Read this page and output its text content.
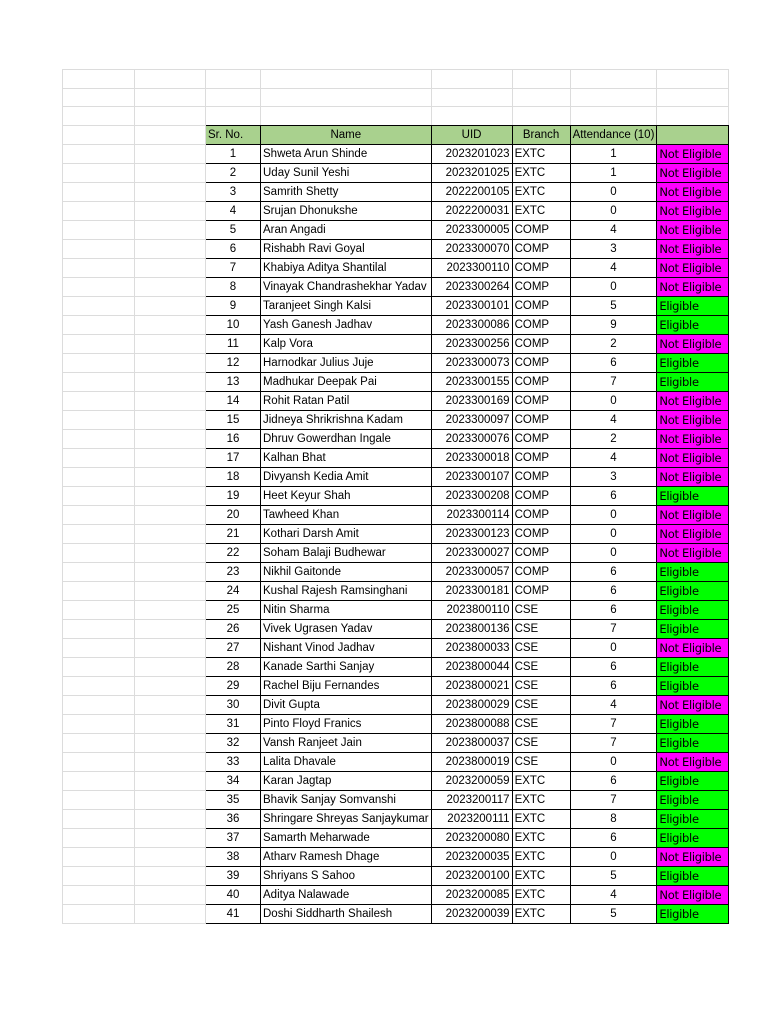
		Sr. No.	Name	UID	Branch	Attendance (10)	
		1	Shweta Arun Shinde	2023201023	EXTC	1	Not Eligible
		2	Uday Sunil Yeshi	2023201025	EXTC	1	Not Eligible
		3	Samrith Shetty	2022200105	EXTC	0	Not Eligible
		4	Srujan Dhonukshe	2022200031	EXTC	0	Not Eligible
		5	Aran Angadi	2023300005	COMP	4	Not Eligible
		6	Rishabh Ravi Goyal	2023300070	COMP	3	Not Eligible
		7	Khabiya Aditya Shantilal	2023300110	COMP	4	Not Eligible
		8	Vinayak Chandrashekhar Yadav	2023300264	COMP	0	Not Eligible
		9	Taranjeet Singh Kalsi	2023300101	COMP	5	Eligible
		10	Yash Ganesh Jadhav	2023300086	COMP	9	Eligible
		11	Kalp Vora	2023300256	COMP	2	Not Eligible
		12	Harnodkar Julius Juje	2023300073	COMP	6	Eligible
		13	Madhukar Deepak Pai	2023300155	COMP	7	Eligible
		14	Rohit Ratan Patil	2023300169	COMP	0	Not Eligible
		15	Jidneya Shrikrishna Kadam	2023300097	COMP	4	Not Eligible
		16	Dhruv Gowerdhan Ingale	2023300076	COMP	2	Not Eligible
		17	Kalhan Bhat	2023300018	COMP	4	Not Eligible
		18	Divyansh Kedia Amit	2023300107	COMP	3	Not Eligible
		19	Heet Keyur Shah	2023300208	COMP	6	Eligible
		20	Tawheed Khan	2023300114	COMP	0	Not Eligible
		21	Kothari Darsh Amit	2023300123	COMP	0	Not Eligible
		22	Soham Balaji Budhewar	2023300027	COMP	0	Not Eligible
		23	Nikhil Gaitonde	2023300057	COMP	6	Eligible
		24	Kushal Rajesh Ramsinghani	2023300181	COMP	6	Eligible
		25	Nitin Sharma	2023800110	CSE	6	Eligible
		26	Vivek Ugrasen Yadav	2023800136	CSE	7	Eligible
		27	Nishant Vinod Jadhav	2023800033	CSE	0	Not Eligible
		28	Kanade Sarthi Sanjay	2023800044	CSE	6	Eligible
		29	Rachel Biju Fernandes	2023800021	CSE	6	Eligible
		30	Divit Gupta	2023800029	CSE	4	Not Eligible
		31	Pinto Floyd Franics	2023800088	CSE	7	Eligible
		32	Vansh Ranjeet Jain	2023800037	CSE	7	Eligible
		33	Lalita Dhavale	2023800019	CSE	0	Not Eligible
		34	Karan Jagtap	2023200059	EXTC	6	Eligible
		35	Bhavik Sanjay Somvanshi	2023200117	EXTC	7	Eligible
		36	Shringare Shreyas Sanjaykumar	2023200111	EXTC	8	Eligible
		37	Samarth Meharwade	2023200080	EXTC	6	Eligible
		38	Atharv Ramesh Dhage	2023200035	EXTC	0	Not Eligible
		39	Shriyans S Sahoo	2023200100	EXTC	5	Eligible
		40	Aditya Nalawade	2023200085	EXTC	4	Not Eligible
		41	Doshi Siddharth Shailesh	2023200039	EXTC	5	Eligible
